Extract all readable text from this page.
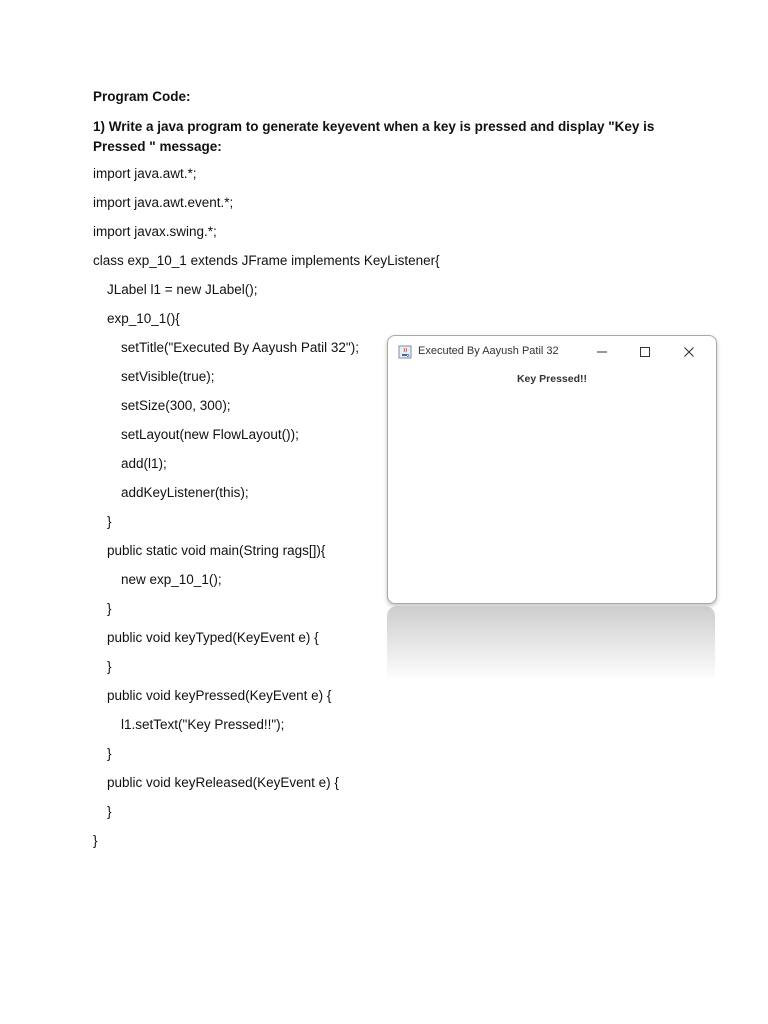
Program Code:
1) Write a java program to generate keyevent when a key is pressed and display "Key is Pressed " message:
import java.awt.*;
import java.awt.event.*;
import javax.swing.*;
class exp_10_1 extends JFrame implements KeyListener{
JLabel l1 = new JLabel();
exp_10_1(){
setTitle("Executed By Aayush Patil 32");
setVisible(true);
setSize(300, 300);
setLayout(new FlowLayout());
add(l1);
addKeyListener(this);
}
public static void main(String rags[]){
new exp_10_1();
}
public void keyTyped(KeyEvent e) {
}
public void keyPressed(KeyEvent e) {
l1.setText("Key Pressed!!");
}
public void keyReleased(KeyEvent e) {
}
}
Executed By Aayush Patil 32
Key Pressed!!
